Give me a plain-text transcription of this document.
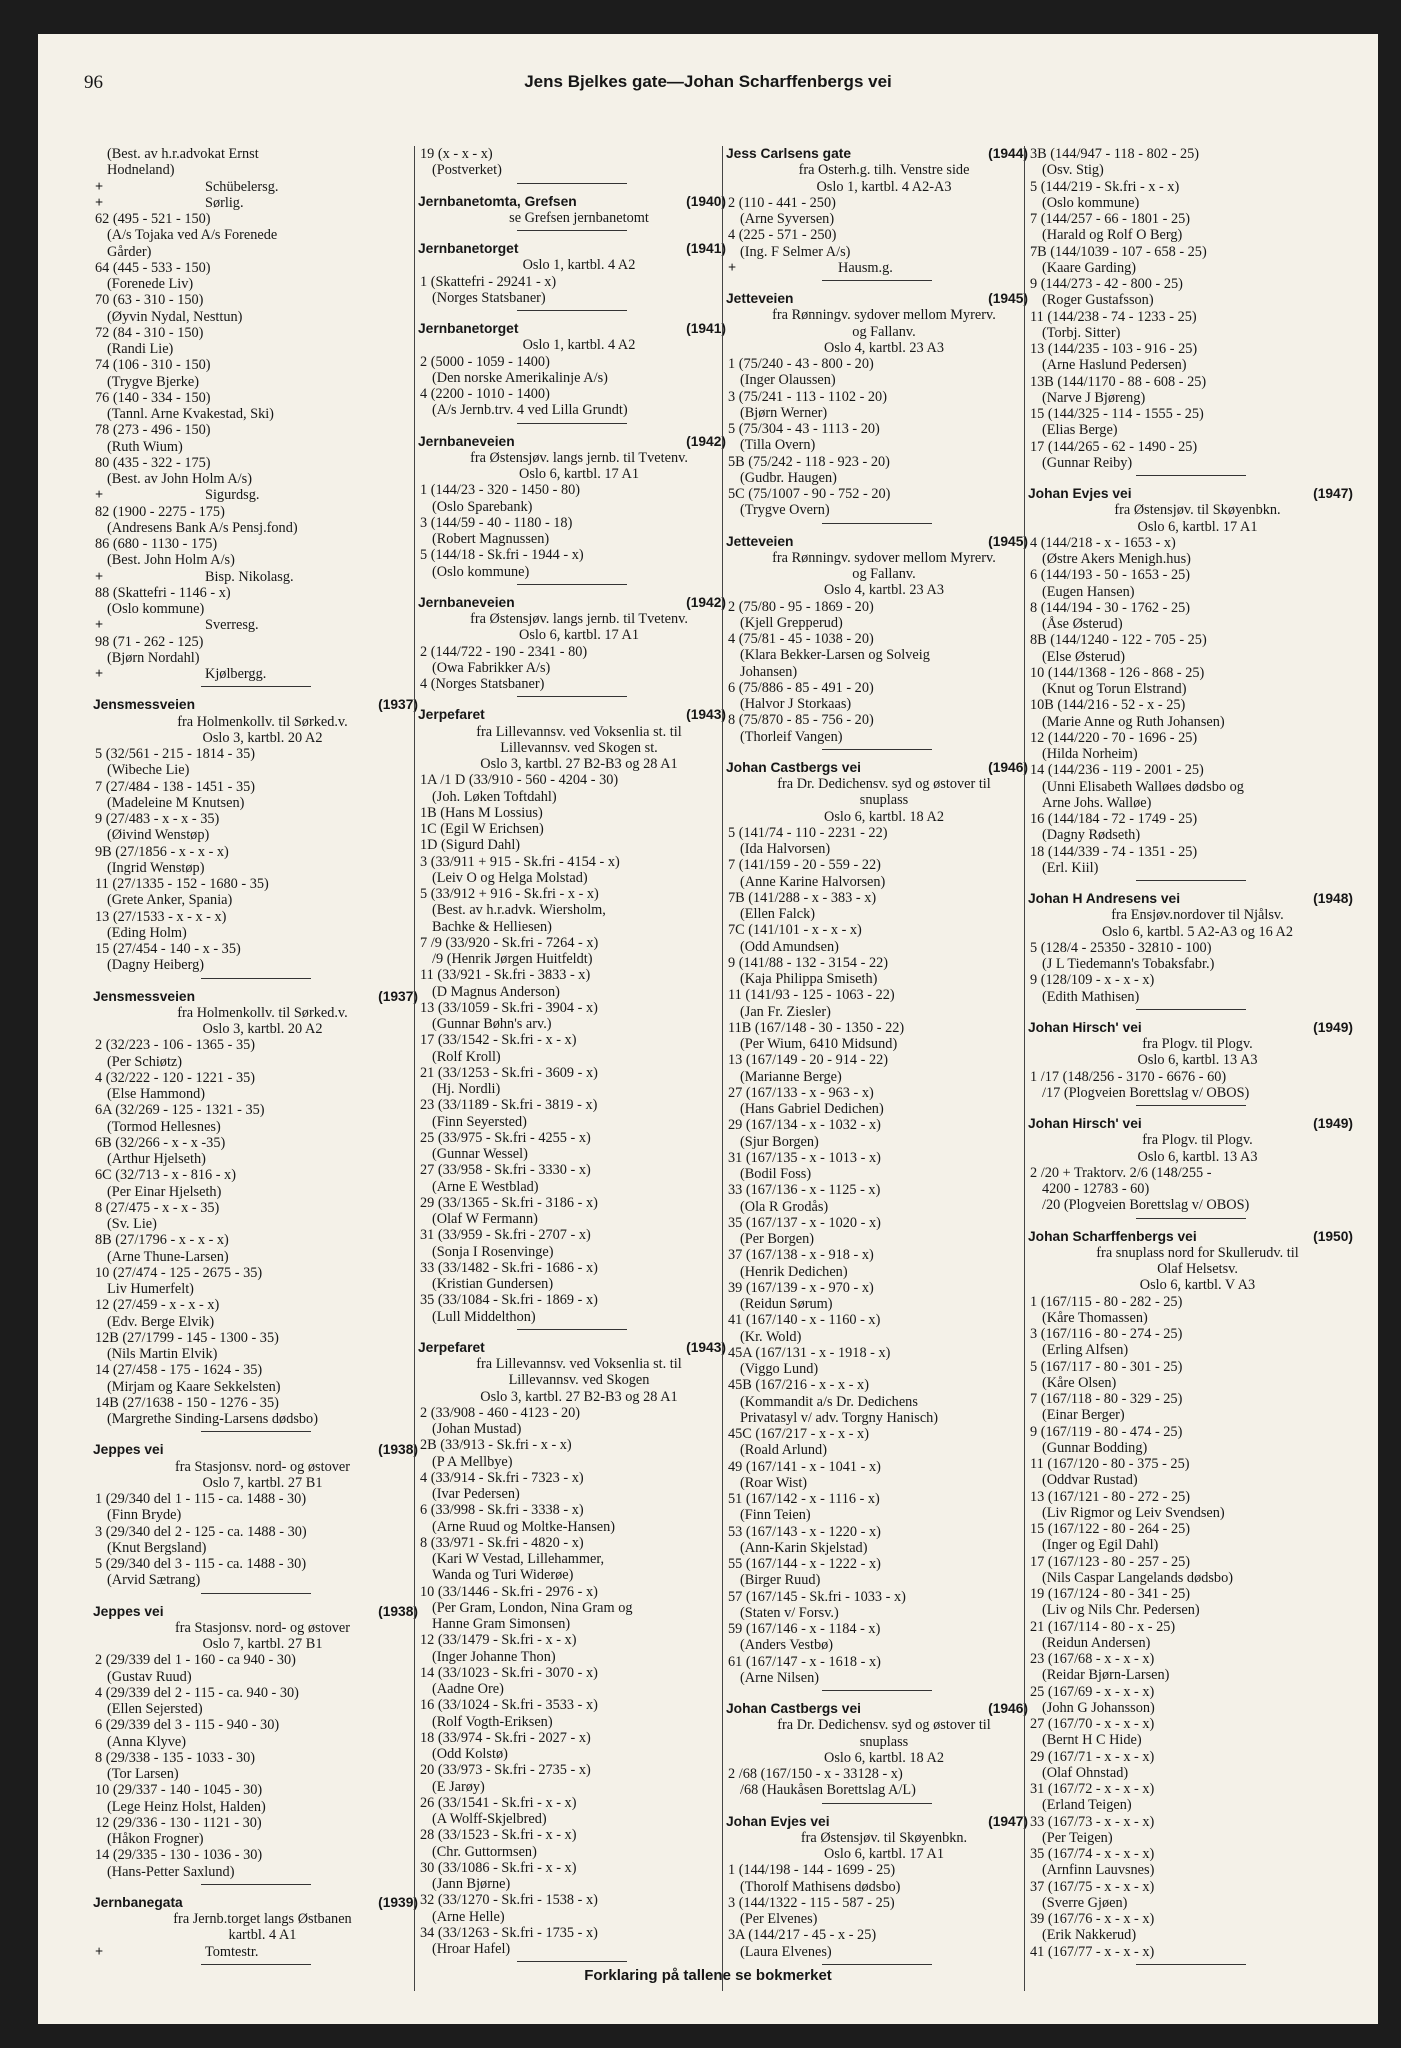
96	Jens Bjelkes gate—Johan Scharffenbergs vei
(Best. av h.r.advokat Ernst
Hodneland)
+	Schübelersg.
+	Sørlig.
62 (495 - 521 - 150)
(A/s Tojaka ved A/s Forenede
Gårder)
64 (445 - 533 - 150)
(Forenede Liv)
70 (63 - 310 - 150)
(Øyvin Nydal, Nesttun)
72 (84 - 310 - 150)
(Randi Lie)
74 (106 - 310 - 150)
(Trygve Bjerke)
76 (140 - 334 - 150)
(Tannl. Arne Kvakestad, Ski)
78 (273 - 496 - 150)
(Ruth Wium)
80 (435 - 322 - 175)
(Best. av John Holm A/s)
+	Sigurdsg.
82 (1900 - 2275 - 175)
(Andresens Bank A/s Pensj.fond)
86 (680 - 1130 - 175)
(Best. John Holm A/s)
+	Bisp. Nikolasg.
88 (Skattefri - 1146 - x)
(Oslo kommune)
+	Sverresg.
98 (71 - 262 - 125)
(Bjørn Nordahl)
+	Kjølbergg.
Jensmessveien	(1937)
fra Holmenkollv. til Sørked.v.
Oslo 3, kartbl. 20 A2
5 (32/561 - 215 - 1814 - 35)
(Wibeche Lie)
7 (27/484 - 138 - 1451 - 35)
(Madeleine M Knutsen)
9 (27/483 - x - x - 35)
(Øivind Wenstøp)
9B (27/1856 - x - x - x)
(Ingrid Wenstøp)
11 (27/1335 - 152 - 1680 - 35)
(Grete Anker, Spania)
13 (27/1533 - x - x - x)
(Eding Holm)
15 (27/454 - 140 - x - 35)
(Dagny Heiberg)
Jensmessveien	(1937)
fra Holmenkollv. til Sørked.v.
Oslo 3, kartbl. 20 A2
2 (32/223 - 106 - 1365 - 35)
(Per Schiøtz)
4 (32/222 - 120 - 1221 - 35)
(Else Hammond)
6A (32/269 - 125 - 1321 - 35)
(Tormod Hellesnes)
6B (32/266 - x - x -35)
(Arthur Hjelseth)
6C (32/713 - x - 816 - x)
(Per Einar Hjelseth)
8 (27/475 - x - x - 35)
(Sv. Lie)
8B (27/1796 - x - x - x)
(Arne Thune-Larsen)
10 (27/474 - 125 - 2675 - 35)
Liv Humerfelt)
12 (27/459 - x - x - x)
(Edv. Berge Elvik)
12B (27/1799 - 145 - 1300 - 35)
(Nils Martin Elvik)
14 (27/458 - 175 - 1624 - 35)
(Mirjam og Kaare Sekkelsten)
14B (27/1638 - 150 - 1276 - 35)
(Margrethe Sinding-Larsens dødsbo)
Jeppes vei	(1938)
fra Stasjonsv. nord- og østover
Oslo 7, kartbl. 27 B1
1 (29/340 del 1 - 115 - ca. 1488 - 30)
(Finn Bryde)
3 (29/340 del 2 - 125 - ca. 1488 - 30)
(Knut Bergsland)
5 (29/340 del 3 - 115 - ca. 1488 - 30)
(Arvid Sætrang)
Jeppes vei	(1938)
fra Stasjonsv. nord- og østover
Oslo 7, kartbl. 27 B1
2 (29/339 del 1 - 160 - ca 940 - 30)
(Gustav Ruud)
4 (29/339 del 2 - 115 - ca. 940 - 30)
(Ellen Sejersted)
6 (29/339 del 3 - 115 - 940 - 30)
(Anna Klyve)
8 (29/338 - 135 - 1033 - 30)
(Tor Larsen)
10 (29/337 - 140 - 1045 - 30)
(Lege Heinz Holst, Halden)
12 (29/336 - 130 - 1121 - 30)
(Håkon Frogner)
14 (29/335 - 130 - 1036 - 30)
(Hans-Petter Saxlund)
Jernbanegata	(1939)
fra Jernb.torget langs Østbanen
kartbl. 4 A1
+	Tomtestr.
19 (x - x - x)
(Postverket)
Jernbanetomta, Grefsen	(1940)
se Grefsen jernbanetomt
Jernbanetorget	(1941)
Oslo 1, kartbl. 4 A2
1 (Skattefri - 29241 - x)
(Norges Statsbaner)
Jernbanetorget	(1941)
Oslo 1, kartbl. 4 A2
2 (5000 - 1059 - 1400)
(Den norske Amerikalinje A/s)
4 (2200 - 1010 - 1400)
(A/s Jernb.trv. 4 ved Lilla Grundt)
Jernbaneveien	(1942)
fra Østensjøv. langs jernb. til Tvetenv.
Oslo 6, kartbl. 17 A1
1 (144/23 - 320 - 1450 - 80)
(Oslo Sparebank)
3 (144/59 - 40 - 1180 - 18)
(Robert Magnussen)
5 (144/18 - Sk.fri - 1944 - x)
(Oslo kommune)
Jernbaneveien	(1942)
fra Østensjøv. langs jernb. til Tvetenv.
Oslo 6, kartbl. 17 A1
2 (144/722 - 190 - 2341 - 80)
(Owa Fabrikker A/s)
4 (Norges Statsbaner)
Jerpefaret	(1943)
fra Lillevannsv. ved Voksenlia st. til
Lillevannsv. ved Skogen st.
Oslo 3, kartbl. 27 B2-B3 og 28 A1
1A /1 D (33/910 - 560 - 4204 - 30)
(Joh. Løken Toftdahl)
1B (Hans M Lossius)
1C (Egil W Erichsen)
1D (Sigurd Dahl)
3 (33/911 + 915 - Sk.fri - 4154 - x)
(Leiv O og Helga Molstad)
5 (33/912 + 916 - Sk.fri - x - x)
(Best. av h.r.advk. Wiersholm,
Bachke & Helliesen)
7 /9 (33/920 - Sk.fri - 7264 - x)
/9 (Henrik Jørgen Huitfeldt)
11 (33/921 - Sk.fri - 3833 - x)
(D Magnus Anderson)
13 (33/1059 - Sk.fri - 3904 - x)
(Gunnar Bøhn's arv.)
17 (33/1542 - Sk.fri - x - x)
(Rolf Kroll)
21 (33/1253 - Sk.fri - 3609 - x)
(Hj. Nordli)
23 (33/1189 - Sk.fri - 3819 - x)
(Finn Seyersted)
25 (33/975 - Sk.fri - 4255 - x)
(Gunnar Wessel)
27 (33/958 - Sk.fri - 3330 - x)
(Arne E Westblad)
29 (33/1365 - Sk.fri - 3186 - x)
(Olaf W Fermann)
31 (33/959 - Sk.fri - 2707 - x)
(Sonja I Rosenvinge)
33 (33/1482 - Sk.fri - 1686 - x)
(Kristian Gundersen)
35 (33/1084 - Sk.fri - 1869 - x)
(Lull Middelthon)
Jerpefaret	(1943)
fra Lillevannsv. ved Voksenlia st. til
Lillevannsv. ved Skogen
Oslo 3, kartbl. 27 B2-B3 og 28 A1
2 (33/908 - 460 - 4123 - 20)
(Johan Mustad)
2B (33/913 - Sk.fri - x - x)
(P A Mellbye)
4 (33/914 - Sk.fri - 7323 - x)
(Ivar Pedersen)
6 (33/998 - Sk.fri - 3338 - x)
(Arne Ruud og Moltke-Hansen)
8 (33/971 - Sk.fri - 4820 - x)
(Kari W Vestad, Lillehammer,
Wanda og Turi Widerøe)
10 (33/1446 - Sk.fri - 2976 - x)
(Per Gram, London, Nina Gram og
Hanne Gram Simonsen)
12 (33/1479 - Sk.fri - x - x)
(Inger Johanne Thon)
14 (33/1023 - Sk.fri - 3070 - x)
(Aadne Ore)
16 (33/1024 - Sk.fri - 3533 - x)
(Rolf Vogth-Eriksen)
18 (33/974 - Sk.fri - 2027 - x)
(Odd Kolstø)
20 (33/973 - Sk.fri - 2735 - x)
(E Jarøy)
26 (33/1541 - Sk.fri - x - x)
(A Wolff-Skjelbred)
28 (33/1523 - Sk.fri - x - x)
(Chr. Guttormsen)
30 (33/1086 - Sk.fri - x - x)
(Jann Bjørne)
32 (33/1270 - Sk.fri - 1538 - x)
(Arne Helle)
34 (33/1263 - Sk.fri - 1735 - x)
(Hroar Hafel)
Jess Carlsens gate	(1944)
fra Osterh.g. tilh. Venstre side
Oslo 1, kartbl. 4 A2-A3
2 (110 - 441 - 250)
(Arne Syversen)
4 (225 - 571 - 250)
(Ing. F Selmer A/s)
+	Hausm.g.
Jetteveien	(1945)
fra Rønningv. sydover mellom Myrerv.
og Fallanv.
Oslo 4, kartbl. 23 A3
1 (75/240 - 43 - 800 - 20)
(Inger Olaussen)
3 (75/241 - 113 - 1102 - 20)
(Bjørn Werner)
5 (75/304 - 43 - 1113 - 20)
(Tilla Overn)
5B (75/242 - 118 - 923 - 20)
(Gudbr. Haugen)
5C (75/1007 - 90 - 752 - 20)
(Trygve Overn)
Jetteveien	(1945)
fra Rønningv. sydover mellom Myrerv.
og Fallanv.
Oslo 4, kartbl. 23 A3
2 (75/80 - 95 - 1869 - 20)
(Kjell Grepperud)
4 (75/81 - 45 - 1038 - 20)
(Klara Bekker-Larsen og Solveig
Johansen)
6 (75/886 - 85 - 491 - 20)
(Halvor J Storkaas)
8 (75/870 - 85 - 756 - 20)
(Thorleif Vangen)
Johan Castbergs vei	(1946)
fra Dr. Dedichensv. syd og østover til
snuplass
Oslo 6, kartbl. 18 A2
5 (141/74 - 110 - 2231 - 22)
(Ida Halvorsen)
7 (141/159 - 20 - 559 - 22)
(Anne Karine Halvorsen)
7B (141/288 - x - 383 - x)
(Ellen Falck)
7C (141/101 - x - x - x)
(Odd Amundsen)
9 (141/88 - 132 - 3154 - 22)
(Kaja Philippa Smiseth)
11 (141/93 - 125 - 1063 - 22)
(Jan Fr. Ziesler)
11B (167/148 - 30 - 1350 - 22)
(Per Wium, 6410 Midsund)
13 (167/149 - 20 - 914 - 22)
(Marianne Berge)
27 (167/133 - x - 963 - x)
(Hans Gabriel Dedichen)
29 (167/134 - x - 1032 - x)
(Sjur Borgen)
31 (167/135 - x - 1013 - x)
(Bodil Foss)
33 (167/136 - x - 1125 - x)
(Ola R Grodås)
35 (167/137 - x - 1020 - x)
(Per Borgen)
37 (167/138 - x - 918 - x)
(Henrik Dedichen)
39 (167/139 - x - 970 - x)
(Reidun Sørum)
41 (167/140 - x - 1160 - x)
(Kr. Wold)
45A (167/131 - x - 1918 - x)
(Viggo Lund)
45B (167/216 - x - x - x)
(Kommandit a/s Dr. Dedichens
Privatasyl v/ adv. Torgny Hanisch)
45C (167/217 - x - x - x)
(Roald Arlund)
49 (167/141 - x - 1041 - x)
(Roar Wist)
51 (167/142 - x - 1116 - x)
(Finn Teien)
53 (167/143 - x - 1220 - x)
(Ann-Karin Skjelstad)
55 (167/144 - x - 1222 - x)
(Birger Ruud)
57 (167/145 - Sk.fri - 1033 - x)
(Staten v/ Forsv.)
59 (167/146 - x - 1184 - x)
(Anders Vestbø)
61 (167/147 - x - 1618 - x)
(Arne Nilsen)
Johan Castbergs vei	(1946)
fra Dr. Dedichensv. syd og østover til
snuplass
Oslo 6, kartbl. 18 A2
2 /68 (167/150 - x - 33128 - x)
/68 (Haukåsen Borettslag A/L)
Johan Evjes vei	(1947)
fra Østensjøv. til Skøyenbkn.
Oslo 6, kartbl. 17 A1
1 (144/198 - 144 - 1699 - 25)
(Thorolf Mathisens dødsbo)
3 (144/1322 - 115 - 587 - 25)
(Per Elvenes)
3A (144/217 - 45 - x - 25)
(Laura Elvenes)
3B (144/947 - 118 - 802 - 25)
(Osv. Stig)
5 (144/219 - Sk.fri - x - x)
(Oslo kommune)
7 (144/257 - 66 - 1801 - 25)
(Harald og Rolf O Berg)
7B (144/1039 - 107 - 658 - 25)
(Kaare Garding)
9 (144/273 - 42 - 800 - 25)
(Roger Gustafsson)
11 (144/238 - 74 - 1233 - 25)
(Torbj. Sitter)
13 (144/235 - 103 - 916 - 25)
(Arne Haslund Pedersen)
13B (144/1170 - 88 - 608 - 25)
(Narve J Bjøreng)
15 (144/325 - 114 - 1555 - 25)
(Elias Berge)
17 (144/265 - 62 - 1490 - 25)
(Gunnar Reiby)
Johan Evjes vei	(1947)
fra Østensjøv. til Skøyenbkn.
Oslo 6, kartbl. 17 A1
4 (144/218 - x - 1653 - x)
(Østre Akers Menigh.hus)
6 (144/193 - 50 - 1653 - 25)
(Eugen Hansen)
8 (144/194 - 30 - 1762 - 25)
(Åse Østerud)
8B (144/1240 - 122 - 705 - 25)
(Else Østerud)
10 (144/1368 - 126 - 868 - 25)
(Knut og Torun Elstrand)
10B (144/216 - 52 - x - 25)
(Marie Anne og Ruth Johansen)
12 (144/220 - 70 - 1696 - 25)
(Hilda Norheim)
14 (144/236 - 119 - 2001 - 25)
(Unni Elisabeth Walløes dødsbo og
Arne Johs. Walløe)
16 (144/184 - 72 - 1749 - 25)
(Dagny Rødseth)
18 (144/339 - 74 - 1351 - 25)
(Erl. Kiil)
Johan H Andresens vei	(1948)
fra Ensjøv.nordover til Njålsv.
Oslo 6, kartbl. 5 A2-A3 og 16 A2
5 (128/4 - 25350 - 32810 - 100)
(J L Tiedemann's Tobaksfabr.)
9 (128/109 - x - x - x)
(Edith Mathisen)
Johan Hirsch' vei	(1949)
fra Plogv. til Plogv.
Oslo 6, kartbl. 13 A3
1 /17 (148/256 - 3170 - 6676 - 60)
/17 (Plogveien Borettslag v/ OBOS)
Johan Hirsch' vei	(1949)
fra Plogv. til Plogv.
Oslo 6, kartbl. 13 A3
2 /20 + Traktorv. 2/6 (148/255 -
4200 - 12783 - 60)
/20 (Plogveien Borettslag v/ OBOS)
Johan Scharffenbergs vei	(1950)
fra snuplass nord for Skullerudv. til
Olaf Helsetsv.
Oslo 6, kartbl. V A3
1 (167/115 - 80 - 282 - 25)
(Kåre Thomassen)
3 (167/116 - 80 - 274 - 25)
(Erling Alfsen)
5 (167/117 - 80 - 301 - 25)
(Kåre Olsen)
7 (167/118 - 80 - 329 - 25)
(Einar Berger)
9 (167/119 - 80 - 474 - 25)
(Gunnar Bodding)
11 (167/120 - 80 - 375 - 25)
(Oddvar Rustad)
13 (167/121 - 80 - 272 - 25)
(Liv Rigmor og Leiv Svendsen)
15 (167/122 - 80 - 264 - 25)
(Inger og Egil Dahl)
17 (167/123 - 80 - 257 - 25)
(Nils Caspar Langelands dødsbo)
19 (167/124 - 80 - 341 - 25)
(Liv og Nils Chr. Pedersen)
21 (167/114 - 80 - x - 25)
(Reidun Andersen)
23 (167/68 - x - x - x)
(Reidar Bjørn-Larsen)
25 (167/69 - x - x - x)
(John G Johansson)
27 (167/70 - x - x - x)
(Bernt H C Hide)
29 (167/71 - x - x - x)
(Olaf Ohnstad)
31 (167/72 - x - x - x)
(Erland Teigen)
33 (167/73 - x - x - x)
(Per Teigen)
35 (167/74 - x - x - x)
(Arnfinn Lauvsnes)
37 (167/75 - x - x - x)
(Sverre Gjøen)
39 (167/76 - x - x - x)
(Erik Nakkerud)
41 (167/77 - x - x - x)
Forklaring på tallene se bokmerket
